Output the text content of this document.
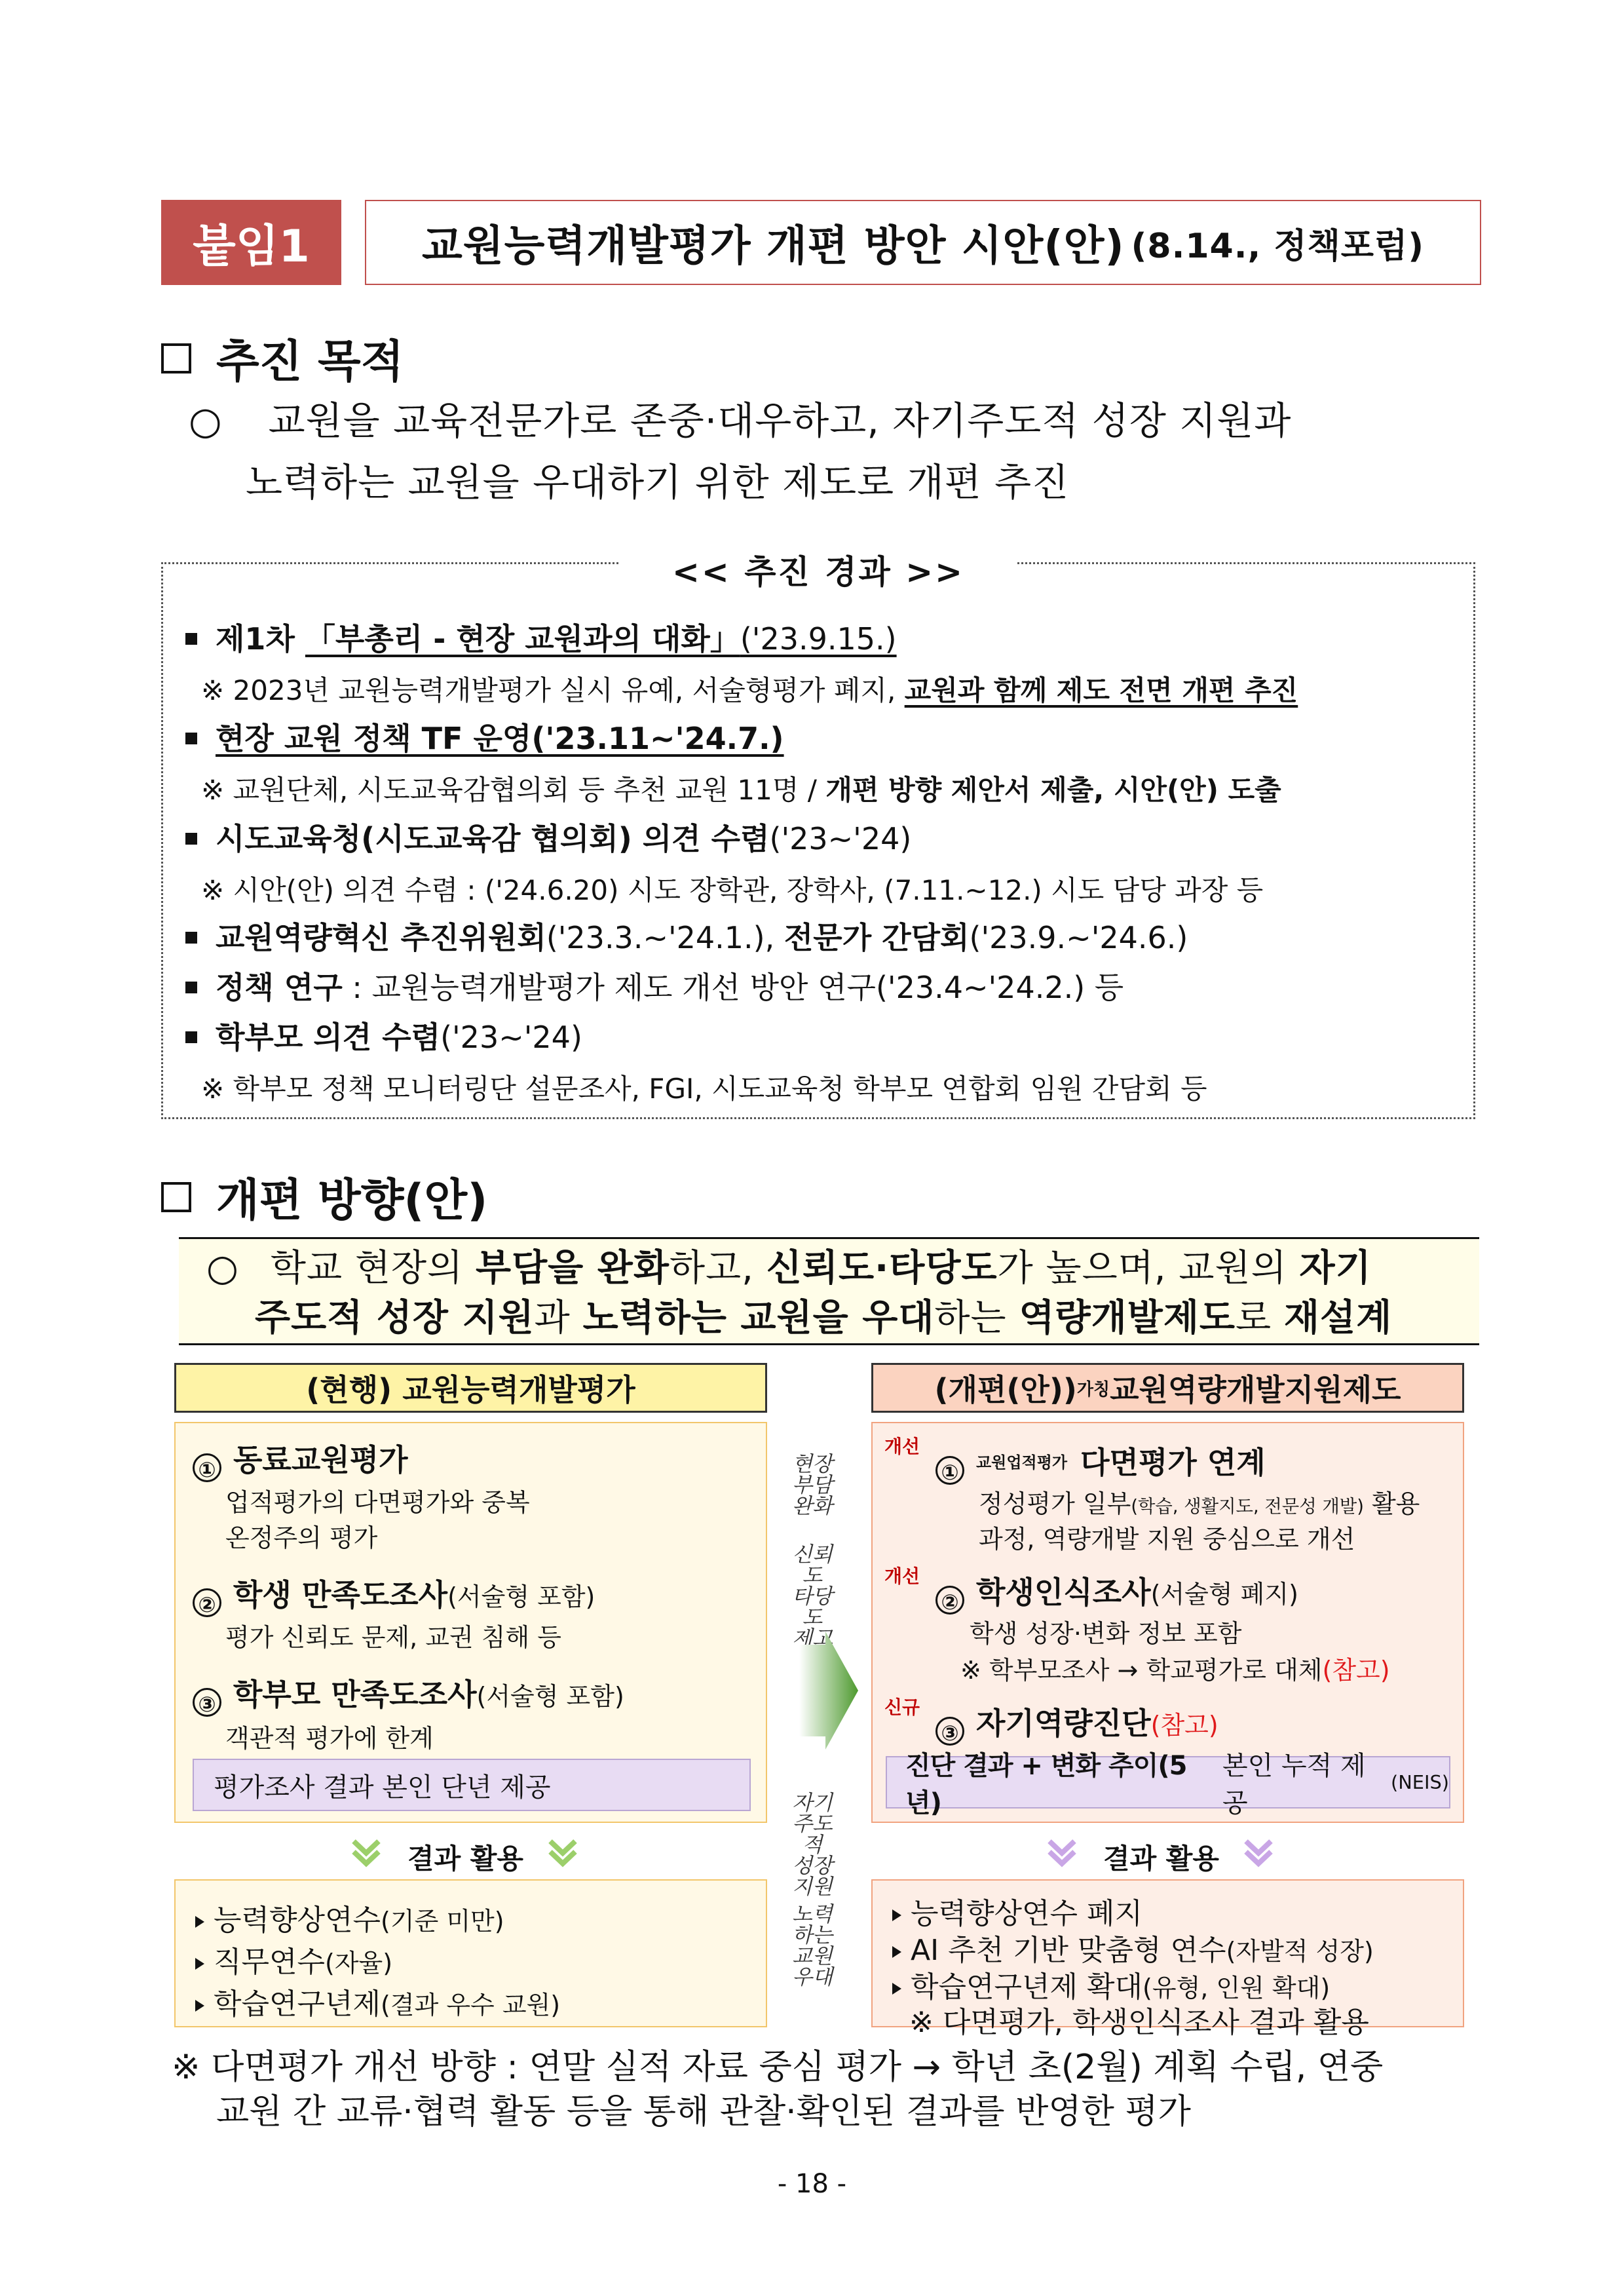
붙임1	교원능력개발평가 개편 방안 시안(안) (8.14., 정책포럼)
추진 목적
○ 교원을 교육전문가로 존중·대우하고, 자기주도적 성장 지원과
노력하는 교원을 우대하기 위한 제도로 개편 추진
<< 추진 경과 >>
제1차 「부총리 - 현장 교원과의 대화」('23.9.15.)
※ 2023년 교원능력개발평가 실시 유예, 서술형평가 폐지, 교원과 함께 제도 전면 개편 추진
현장 교원 정책 TF 운영('23.11~'24.7.)
※ 교원단체, 시도교육감협의회 등 추천 교원 11명 / 개편 방향 제안서 제출, 시안(안) 도출
시도교육청(시도교육감 협의회) 의견 수렴('23~'24)
※ 시안(안) 의견 수렴 : ('24.6.20) 시도 장학관, 장학사, (7.11.~12.) 시도 담당 과장 등
교원역량혁신 추진위원회('23.3.~'24.1.), 전문가 간담회('23.9.~'24.6.)
정책 연구 : 교원능력개발평가 제도 개선 방안 연구('23.4~'24.2.) 등
학부모 의견 수렴('23~'24)
※ 학부모 정책 모니터링단 설문조사, FGI, 시도교육청 학부모 연합회 임원 간담회 등
개편 방향(안)
○ 학교 현장의 부담을 완화하고, 신뢰도·타당도가 높으며, 교원의 자기
주도적 성장 지원과 노력하는 교원을 우대하는 역량개발제도로 재설계
(현행) 교원능력개발평가
① 동료교원평가
업적평가의 다면평가와 중복
온정주의 평가
② 학생 만족도조사(서술형 포함)
평가 신뢰도 문제, 교권 침해 등
③ 학부모 만족도조사(서술형 포함)
객관적 평가에 한계
평가조사 결과 본인 단년 제공
결과 활용
능력향상연수(기준 미만)
직무연수(자율)
학습연구년제(결과 우수 교원)
현장
부담
완화
신뢰도
타당도
제고
자기
주도적
성장
지원
노력
하는
교원
우대
(개편(안)) 가칭 교원역량개발지원제도
개선
① 교원업적평가 다면평가 연계
정성평가 일부(학습, 생활지도, 전문성 개발) 활용
과정, 역량개발 지원 중심으로 개선
개선
② 학생인식조사(서술형 폐지)
학생 성장·변화 정보 포함
※ 학부모조사 → 학교평가로 대체(참고)
신규
③ 자기역량진단(참고)
진단 결과 + 변화 추이(5년)
본인 누적 제공
(NEIS)
결과 활용
능력향상연수 폐지
AI 추천 기반 맞춤형 연수(자발적 성장)
학습연구년제 확대(유형, 인원 확대)
※ 다면평가, 학생인식조사 결과 활용
※ 다면평가 개선 방향 : 연말 실적 자료 중심 평가 → 학년 초(2월) 계획 수립, 연중
교원 간 교류·협력 활동 등을 통해 관찰·확인된 결과를 반영한 평가
- 18 -
